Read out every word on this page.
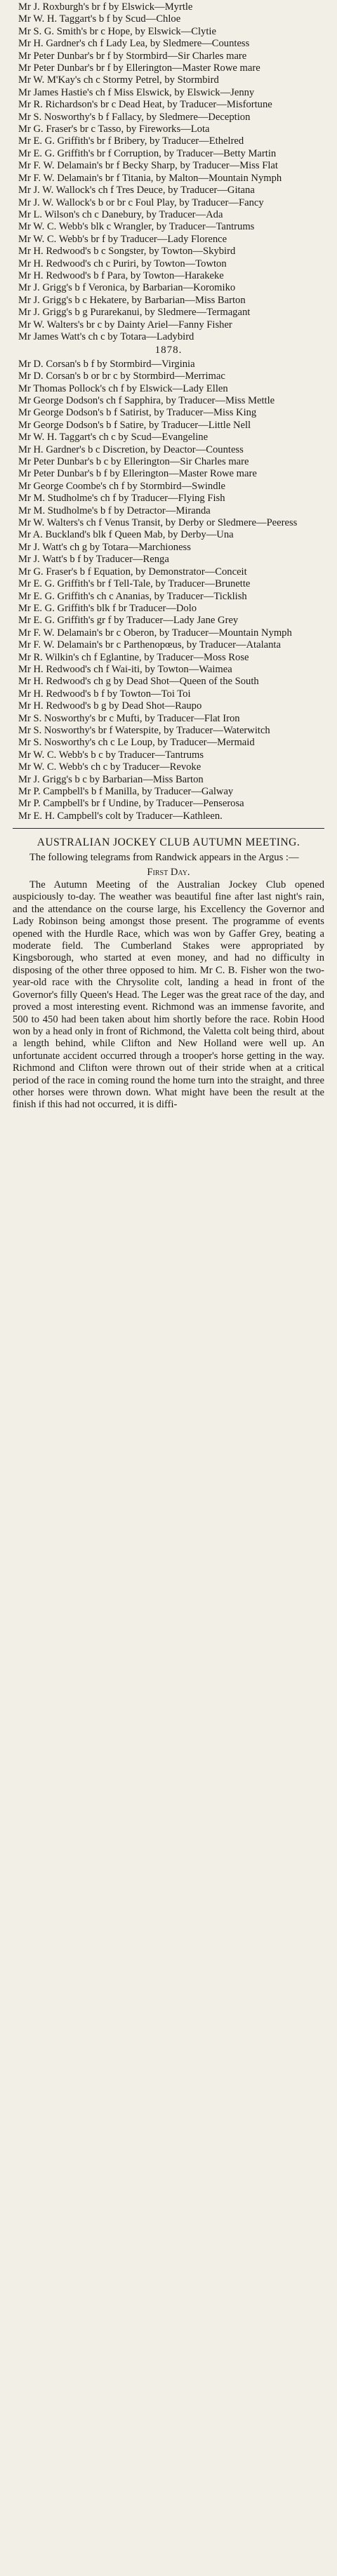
Mr J. Roxburgh's br f by Elswick—Myrtle

Mr W. H. Taggart's b f by Scud—Chloe

Mr S. G. Smith's br c Hope, by Elswick—Clytie

Mr H. Gardner's ch f Lady Lea, by Sledmere—Countess

Mr Peter Dunbar's br f by Stormbird—Sir Charles mare

Mr Peter Dunbar's br f by Ellerington—Master Rowe mare

Mr W. M'Kay's ch c Stormy Petrel, by Stormbird

Mr James Hastie's ch f Miss Elswick, by Elswick—Jenny

Mr R. Richardson's br c Dead Heat, by Traducer—Misfortune

Mr S. Nosworthy's b f Fallacy, by Sledmere—Deception

Mr G. Fraser's br c Tasso, by Fireworks—Lota

Mr E. G. Griffith's br f Bribery, by Traducer—Ethelred

Mr E. G. Griffith's br f Corruption, by Traducer—Betty Martin

Mr F. W. Delamain's br f Becky Sharp, by Traducer—Miss Flat

Mr F. W. Delamain's br f Titania, by Malton—Mountain Nymph

Mr J. W. Wallock's ch f Tres Deuce, by Traducer—Gitana

Mr J. W. Wallock's b or br c Foul Play, by Traducer—Fancy

Mr L. Wilson's ch c Danebury, by Traducer—Ada

Mr W. C. Webb's blk c Wrangler, by Traducer—Tantrums

Mr W. C. Webb's br f by Traducer—Lady Florence

Mr H. Redwood's b c Songster, by Towton—Skybird

Mr H. Redwood's ch c Puriri, by Towton—Towton

Mr H. Redwood's b f Para, by Towton—Harakeke

Mr J. Grigg's b f Veronica, by Barbarian—Koromiko

Mr J. Grigg's b c Hekatere, by Barbarian—Miss Barton

Mr J. Grigg's b g Purarekanui, by Sledmere—Termagant

Mr W. Walters's br c by Dainty Ariel—Fanny Fisher

Mr James Watt's ch c by Totara—Ladybird

1878.

Mr D. Corsan's b f by Stormbird—Virginia

Mr D. Corsan's b or br c by Stormbird—Merrimac

Mr Thomas Pollock's ch f by Elswick—Lady Ellen

Mr George Dodson's ch f Sapphira, by Traducer—Miss Mettle

Mr George Dodson's b f Satirist, by Traducer—Miss King

Mr George Dodson's b f Satire, by Traducer—Little Nell

Mr W. H. Taggart's ch c by Scud—Evangeline

Mr H. Gardner's b c Discretion, by Deactor—Countess

Mr Peter Dunbar's b c by Ellerington—Sir Charles mare

Mr Peter Dunbar's b f by Ellerington—Master Rowe mare

Mr George Coombe's ch f by Stormbird—Swindle

Mr M. Studholme's ch f by Traducer—Flying Fish

Mr M. Studholme's b f by Detractor—Miranda

Mr W. Walters's ch f Venus Transit, by Derby or Sledmere—Peeress

Mr A. Buckland's blk f Queen Mab, by Derby—Una

Mr J. Watt's ch g by Totara—Marchioness

Mr J. Watt's b f by Traducer—Renga

Mr G. Fraser's b f Equation, by Demonstrator—Conceit

Mr E. G. Griffith's br f Tell-Tale, by Traducer—Brunette

Mr E. G. Griffith's ch c Ananias, by Traducer—Ticklish

Mr E. G. Griffith's blk f br Traducer—Dolo

Mr E. G. Griffith's gr f by Traducer—Lady Jane Grey

Mr F. W. Delamain's br c Oberon, by Traducer—Mountain Nymph

Mr F. W. Delamain's br c Parthenopœus, by Traducer—Atalanta

Mr R. Wilkin's ch f Eglantine, by Traducer—Moss Rose

Mr H. Redwood's ch f Wai-iti, by Towton—Waimea

Mr H. Redwood's ch g by Dead Shot—Queen of the South

Mr H. Redwood's b f by Towton—Toi Toi

Mr H. Redwood's b g by Dead Shot—Raupo

Mr S. Nosworthy's br c Mufti, by Traducer—Flat Iron

Mr S. Nosworthy's br f Waterspite, by Traducer—Waterwitch

Mr S. Nosworthy's ch c Le Loup, by Traducer—Mermaid

Mr W. C. Webb's b c by Traducer—Tantrums

Mr W. C. Webb's ch c by Traducer—Revoke

Mr J. Grigg's b c by Barbarian—Miss Barton

Mr P. Campbell's b f Manilla, by Traducer—Galway

Mr P. Campbell's br f Undine, by Traducer—Penserosa

Mr E. H. Campbell's colt by Traducer—Kathleen.

AUSTRALIAN JOCKEY CLUB AUTUMN MEETING.

The following telegrams from Randwick appears in the Argus :—

First Day.

The Autumn Meeting of the Australian Jockey Club opened auspiciously to-day. The weather was beautiful fine after last night's rain, and the attendance on the course large, his Excellency the Governor and Lady Robinson being amongst those present. The programme of events opened with the Hurdle Race, which was won by Gaffer Grey, beating a moderate field. The Cumberland Stakes were appropriated by Kingsborough, who started at even money, and had no difficulty in disposing of the other three opposed to him. Mr C. B. Fisher won the two-year-old race with the Chrysolite colt, landing a head in front of the Governor's filly Queen's Head. The Leger was the great race of the day, and proved a most interesting event. Richmond was an immense favorite, and 500 to 450 had been taken about him shortly before the race. Robin Hood won by a head only in front of Richmond, the Valetta colt being third, about a length behind, while Clifton and New Holland were well up. An unfortunate accident occurred through a trooper's horse getting in the way. Richmond and Clifton were thrown out of their stride when at a critical period of the race in coming round the home turn into the straight, and three other horses were thrown down. What might have been the result at the finish if this had not occurred, it is diffi-
